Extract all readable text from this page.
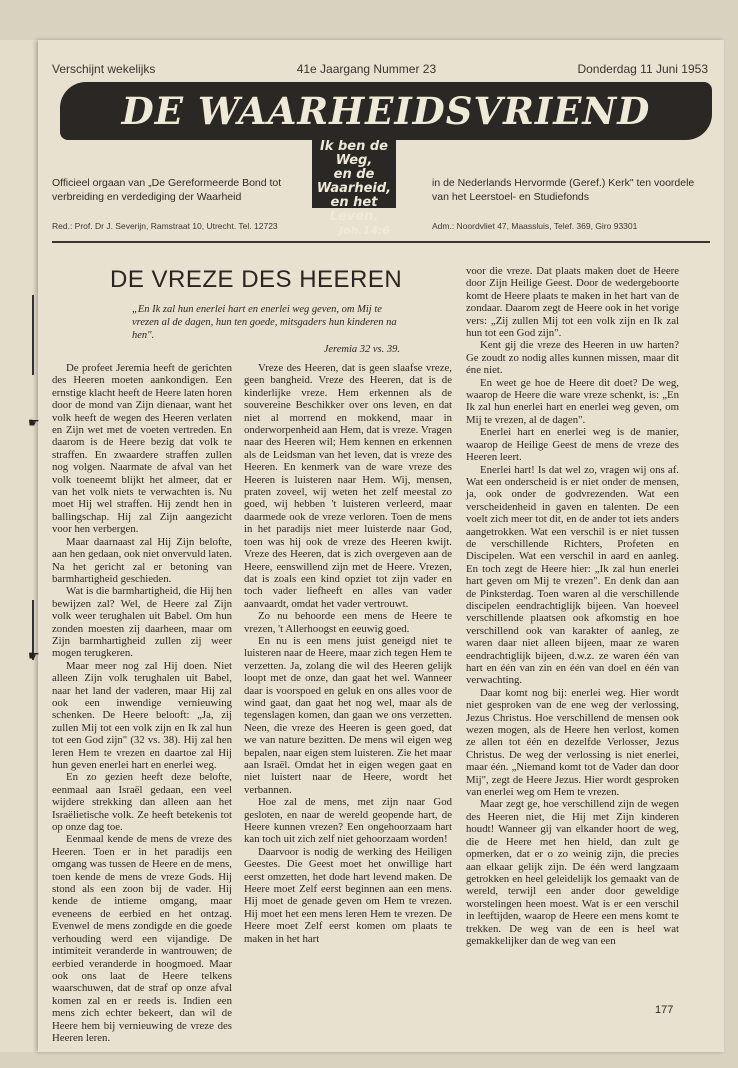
Verschijnt wekelijks	41e Jaargang Nummer 23	Donderdag 11 Juni 1953
DE WAARHEIDSVRIEND
Ik ben de Weg,
en de Waarheid,
en het Leven.
Joh.14:6
Officieel orgaan van „De Gereformeerde Bond tot verbreiding en verdediging der Waarheid
in de Nederlands Hervormde (Geref.) Kerk" ten voordele van het Leerstoel- en Studiefonds
Red.: Prof. Dr J. Severijn, Ramstraat 10, Utrecht. Tel. 12723	Adm.: Noordvliet 47, Maassluis, Telef. 369, Giro 93301
DE VREZE DES HEEREN
„En Ik zal hun enerlei hart en enerlei weg geven, om Mij te vrezen al de dagen, hun ten goede, mitsgaders hun kinderen na hen".
Jeremia 32 vs. 39.

De profeet Jeremia heeft de gerichten des Heeren moeten aankondigen. Een ernstige klacht heeft de Heere laten horen door de mond van Zijn dienaar, want het volk heeft de wegen des Heeren verlaten en Zijn wet met de voeten vertreden. En daarom is de Heere bezig dat volk te straffen. En zwaardere straffen zullen nog volgen. Naarmate de afval van het volk toeneemt blijkt het almeer, dat er van het volk niets te verwachten is. Nu moet Hij wel straffen. Hij zendt hen in ballingschap. Hij zal Zijn aangezicht voor hen verbergen.

Maar daarnaast zal Hij Zijn belofte, aan hen gedaan, ook niet onvervuld laten. Na het gericht zal er betoning van barmhartigheid geschieden.

Wat is die barmhartigheid, die Hij hen bewijzen zal? Wel, de Heere zal Zijn volk weer terughalen uit Babel. Om hun zonden moesten zij daarheen, maar om Zijn barmhartigheid zullen zij weer mogen terugkeren.

Maar meer nog zal Hij doen. Niet alleen Zijn volk terughalen uit Babel, naar het land der vaderen, maar Hij zal ook een inwendige vernieuwing schenken. De Heere belooft: „Ja, zij zullen Mij tot een volk zijn en Ik zal hun tot een God zijn" (32 vs. 38). Hij zal hen leren Hem te vrezen en daartoe zal Hij hun geven enerlei hart en enerlei weg.

En zo gezien heeft deze belofte, eenmaal aan Israël gedaan, een veel wijdere strekking dan alleen aan het Israëlietische volk. Ze heeft betekenis tot op onze dag toe.

Eenmaal kende de mens de vreze des Heeren. Toen er in het paradijs een omgang was tussen de Heere en de mens, toen kende de mens de vreze Gods. Hij stond als een zoon bij de vader. Hij kende de intieme omgang, maar eveneens de eerbied en het ontzag. Evenwel de mens zondigde en die goede verhouding werd een vijandige. De intimiteit veranderde in wantrouwen; de eerbied veranderde in hoogmoed. Maar ook ons laat de Heere telkens waarschuwen, dat de straf op onze afval komen zal en er reeds is. Indien een mens zich echter bekeert, dan wil de Heere hem bij vernieuwing de vreze des Heeren leren.

Vreze des Heeren, dat is geen slaafse vreze, geen bangheid. Vreze des Heeren, dat is de kinderlijke vreze. Hem erkennen als de souvereine Beschikker over ons leven, en dat niet al morrend en mokkend, maar in onderworpenheid aan Hem, dat is vreze. Vragen naar des Heeren wil; Hem kennen en erkennen als de Leidsman van het leven, dat is vreze des Heeren. En kenmerk van de ware vreze des Heeren is luisteren naar Hem. Wij, mensen, praten zoveel, wij weten het zelf meestal zo goed, wij hebben 't luisteren verleerd, maar daarmede ook de vreze verloren. Toen de mens in het paradijs niet meer luisterde naar God, toen was hij ook de vreze des Heeren kwijt. Vreze des Heeren, dat is zich overgeven aan de Heere, eenswillend zijn met de Heere. Vrezen, dat is zoals een kind opziet tot zijn vader en toch vader liefheeft en alles van vader aanvaardt, omdat het vader vertrouwt.

Zo nu behoorde een mens de Heere te vrezen, 't Allerhoogst en eeuwig goed.

En nu is een mens juist geneigd niet te luisteren naar de Heere, maar zich tegen Hem te verzetten. Ja, zolang die wil des Heeren gelijk loopt met de onze, dan gaat het wel. Wanneer daar is voorspoed en geluk en ons alles voor de wind gaat, dan gaat het nog wel, maar als de tegenslagen komen, dan gaan we ons verzetten. Neen, die vreze des Heeren is geen goed, dat we van nature bezitten. De mens wil eigen weg bepalen, naar eigen stem luisteren. Zie het maar aan Israël. Omdat het in eigen wegen gaat en niet luistert naar de Heere, wordt het verbannen.

Hoe zal de mens, met zijn naar God gesloten, en naar de wereld geopende hart, de Heere kunnen vrezen? Een ongehoorzaam hart kan toch uit zich zelf niet gehoorzaam worden!

Daarvoor is nodig de werking des Heiligen Geestes. Die Geest moet het onwillige hart eerst omzetten, het dode hart levend maken. De Heere moet Zelf eerst beginnen aan een mens. Hij moet de genade geven om Hem te vrezen. Hij moet het een mens leren Hem te vrezen. De Heere moet Zelf eerst komen om plaats te maken in het hart

voor die vreze. Dat plaats maken doet de Heere door Zijn Heilige Geest. Door de wedergeboorte komt de Heere plaats te maken in het hart van de zondaar. Daarom zegt de Heere ook in het vorige vers: „Zij zullen Mij tot een volk zijn en Ik zal hun tot een God zijn".

Kent gij die vreze des Heeren in uw harten? Ge zoudt zo nodig alles kunnen missen, maar dit éne niet.

En weet ge hoe de Heere dit doet? De weg, waarop de Heere die ware vreze schenkt, is: „En Ik zal hun enerlei hart en enerlei weg geven, om Mij te vrezen, al de dagen".

Enerlei hart en enerlei weg is de manier, waarop de Heilige Geest de mens de vreze des Heeren leert.

Enerlei hart! Is dat wel zo, vragen wij ons af. Wat een onderscheid is er niet onder de mensen, ja, ook onder de godvrezenden. Wat een verscheidenheid in gaven en talenten. De een voelt zich meer tot dit, en de ander tot iets anders aangetrokken. Wat een verschil is er niet tussen de verschillende Richters, Profeten en Discipelen. Wat een verschil in aard en aanleg. En toch zegt de Heere hier: „Ik zal hun enerlei hart geven om Mij te vrezen". En denk dan aan de Pinksterdag. Toen waren al die verschillende discipelen eendrachtiglijk bijeen. Van hoeveel verschillende plaatsen ook afkomstig en hoe verschillend ook van karakter of aanleg, ze waren daar niet alleen bijeen, maar ze waren eendrachtiglijk bijeen, d.w.z. ze waren één van hart en één van zin en één van doel en één van verwachting.

Daar komt nog bij: enerlei weg. Hier wordt niet gesproken van de ene weg der verlossing, Jezus Christus. Hoe verschillend de mensen ook wezen mogen, als de Heere hen verlost, komen ze allen tot één en dezelfde Verlosser, Jezus Christus. De weg der verlossing is niet enerlei, maar één. „Niemand komt tot de Vader dan door Mij", zegt de Heere Jezus. Hier wordt gesproken van enerlei weg om Hem te vrezen.

Maar zegt ge, hoe verschillend zijn de wegen des Heeren niet, die Hij met Zijn kinderen houdt! Wanneer gij van elkander hoort de weg, die de Heere met hen hield, dan zult ge opmerken, dat er o zo weinig zijn, die precies aan elkaar gelijk zijn. De één werd langzaam getrokken en heel geleidelijk los gemaakt van de wereld, terwijl een ander door geweldige worstelingen heen moest. Wat is er een verschil in leeftijden, waarop de Heere een mens komt te trekken. De weg van de een is heel wat gemakkelijker dan de weg van een

☛
☛
177
